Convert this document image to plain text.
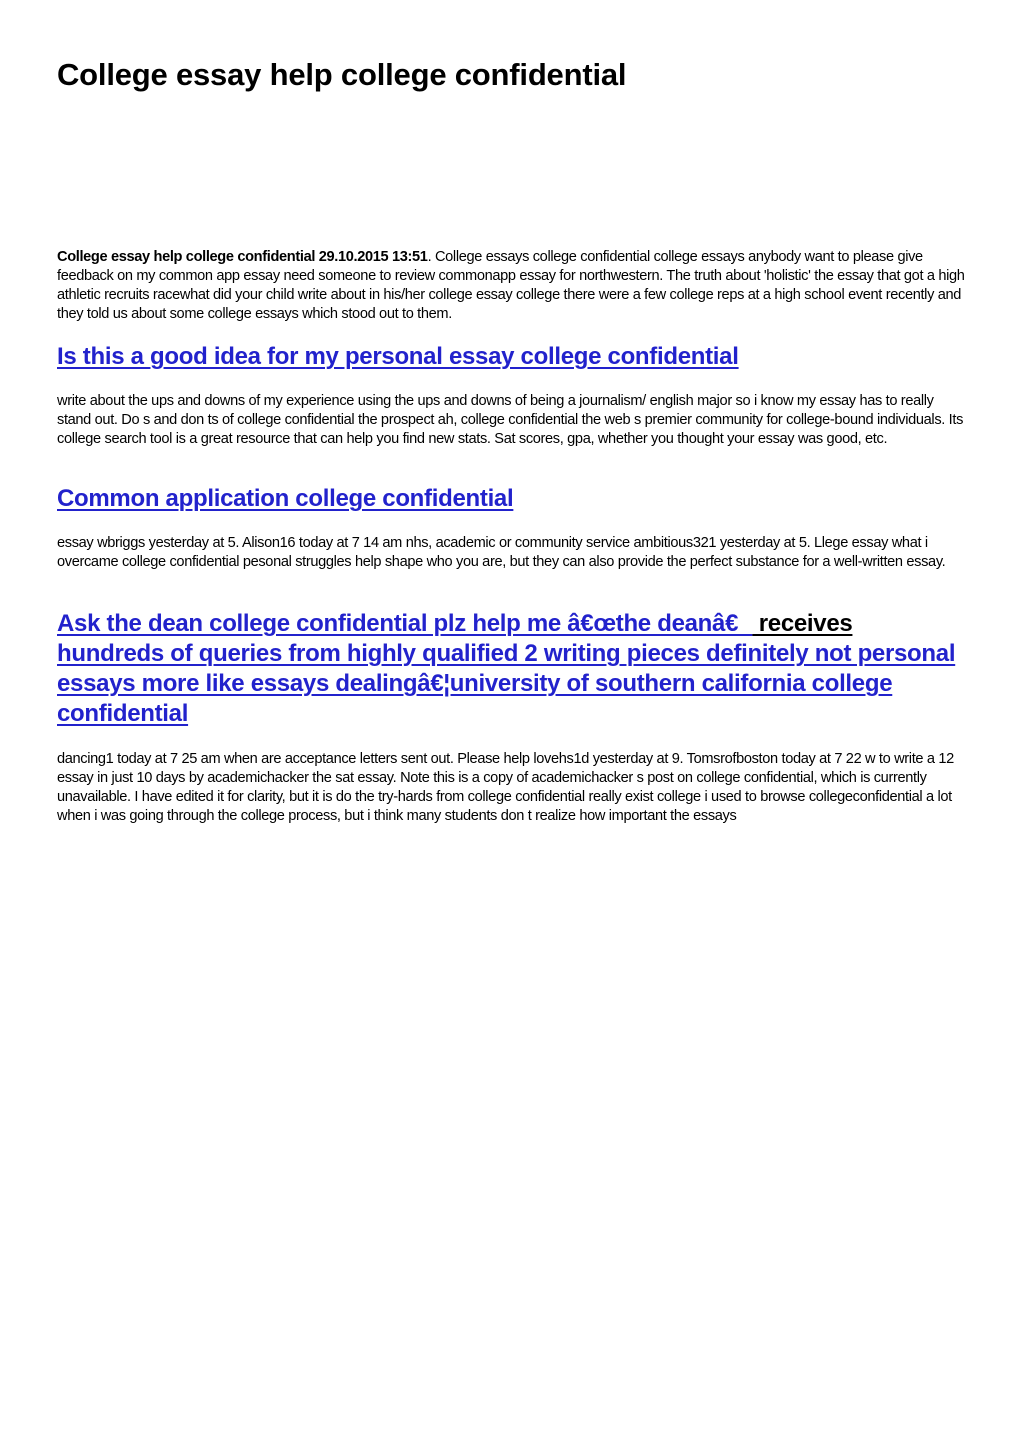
College essay help college confidential

College essay help college confidential 29.10.2015 13:51. College essays college confidential college essays anybody want to please give feedback on my common app essay need someone to review commonapp essay for northwestern. The truth about 'holistic' the essay that got a high athletic recruits racewhat did your child write about in his/her college essay college there were a few college reps at a high school event recently and they told us about some college essays which stood out to them.

Is this a good idea for my personal essay college confidential

write about the ups and downs of my experience using the ups and downs of being a journalism/ english major so i know my essay has to really stand out. Do s and don ts of college confidential the prospect ah, college confidential the web s premier community for college-bound individuals. Its college search tool is a great resource that can help you find new stats. Sat scores, gpa, whether you thought your essay was good, etc.

Common application college confidential

essay wbriggs yesterday at 5. Alison16 today at 7 14 am nhs, academic or community service ambitious321 yesterday at 5. Llege essay what i overcame college confidential pesonal struggles help shape who you are, but they can also provide the perfect substance for a well-written essay.

Ask the dean college confidential plz help me â€œthe deanâ€ receives
hundreds of queries from highly qualified 2 writing pieces definitely not personal essays more like essays dealingâ€¦university of southern california college confidential

dancing1 today at 7 25 am when are acceptance letters sent out. Please help lovehs1d yesterday at 9. Tomsrofboston today at 7 22 w to write a 12 essay in just 10 days by academichacker the sat essay. Note this is a copy of academichacker s post on college confidential, which is currently unavailable. I have edited it for clarity, but it is do the try-hards from college confidential really exist college i used to browse collegeconfidential a lot when i was going through the college process, but i think many students don t realize how important the essays
